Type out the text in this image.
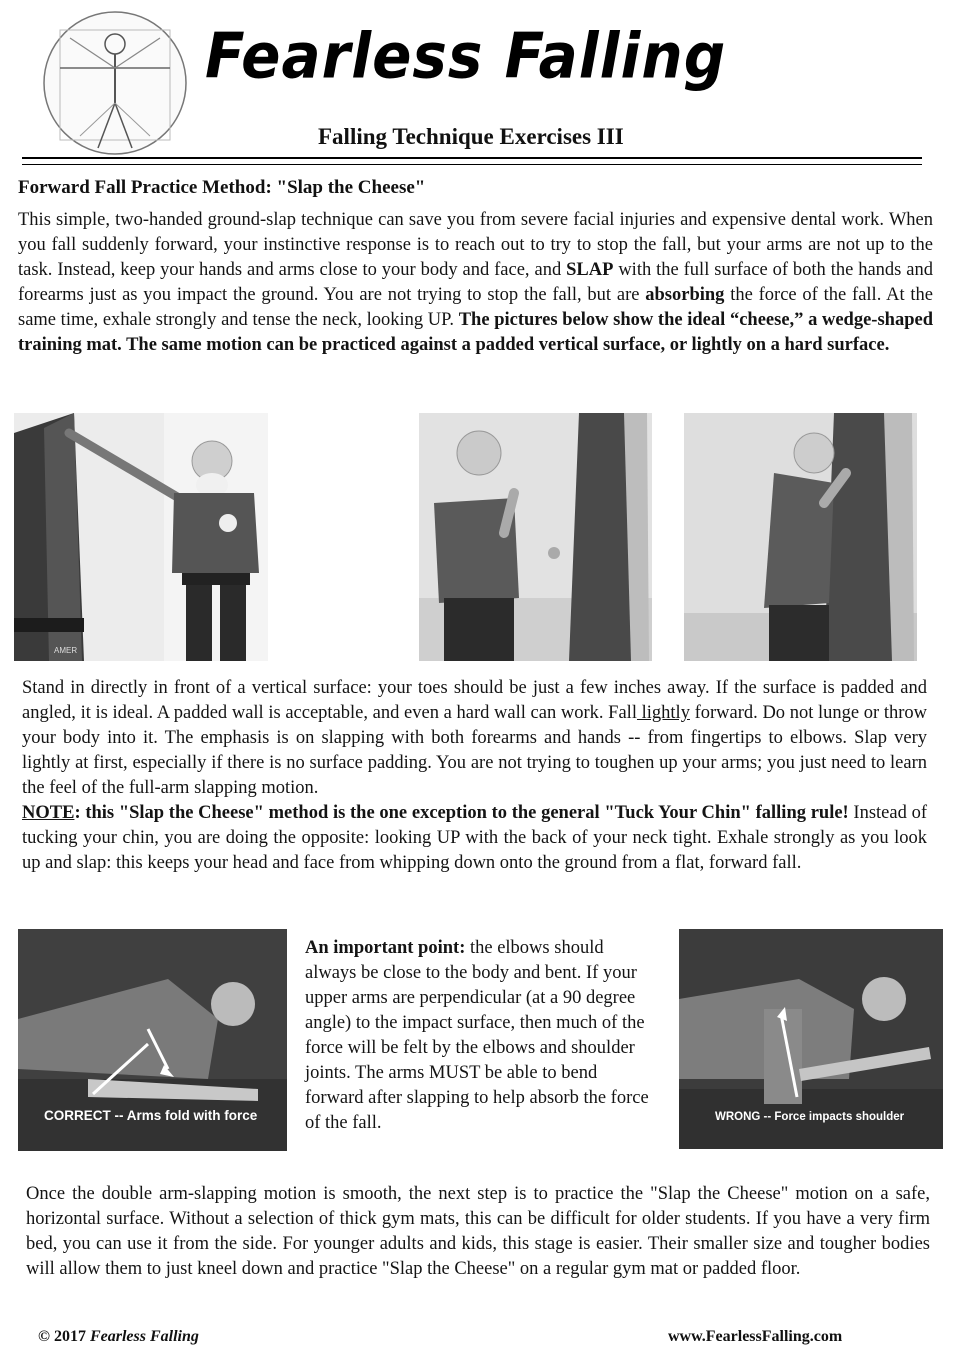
Fearless Falling
Falling Technique Exercises III
Forward Fall Practice Method: "Slap the Cheese"
This simple, two-handed ground-slap technique can save you from severe facial injuries and expensive dental work. When you fall suddenly forward, your instinctive response is to reach out to try to stop the fall, but your arms are not up to the task. Instead, keep your hands and arms close to your body and face, and SLAP with the full surface of both the hands and forearms just as you impact the ground. You are not trying to stop the fall, but are absorbing the force of the fall. At the same time, exhale strongly and tense the neck, looking UP. The pictures below show the ideal “cheese,” a wedge-shaped training mat. The same motion can be practiced against a padded vertical surface, or lightly on a hard surface.
AMER
Stand in directly in front of a vertical surface: your toes should be just a few inches away. If the surface is padded and angled, it is ideal. A padded wall is acceptable, and even a hard wall can work. Fall lightly forward. Do not lunge or throw your body into it. The emphasis is on slapping with both forearms and hands -- from fingertips to elbows. Slap very lightly at first, especially if there is no surface padding. You are not trying to toughen up your arms; you just need to learn the feel of the full-arm slapping motion.
NOTE: this "Slap the Cheese" method is the one exception to the general "Tuck Your Chin" falling rule! Instead of tucking your chin, you are doing the opposite: looking UP with the back of your neck tight. Exhale strongly as you look up and slap: this keeps your head and face from whipping down onto the ground from a flat, forward fall.
CORRECT -- Arms fold with force
An important point: the elbows should always be close to the body and bent. If your upper arms are perpendicular (at a 90 degree angle) to the impact surface, then much of the force will be felt by the elbows and shoulder joints. The arms MUST be able to bend forward after slapping to help absorb the force of the fall.	WRONG -- Force impacts shoulder
Once the double arm-slapping motion is smooth, the next step is to practice the "Slap the Cheese" motion on a safe, horizontal surface. Without a selection of thick gym mats, this can be difficult for older students. If you have a very firm bed, you can use it from the side. For younger adults and kids, this stage is easier. Their smaller size and tougher bodies will allow them to just kneel down and practice "Slap the Cheese" on a regular gym mat or padded floor.
© 2017 Fearless Falling	www.FearlessFalling.com
